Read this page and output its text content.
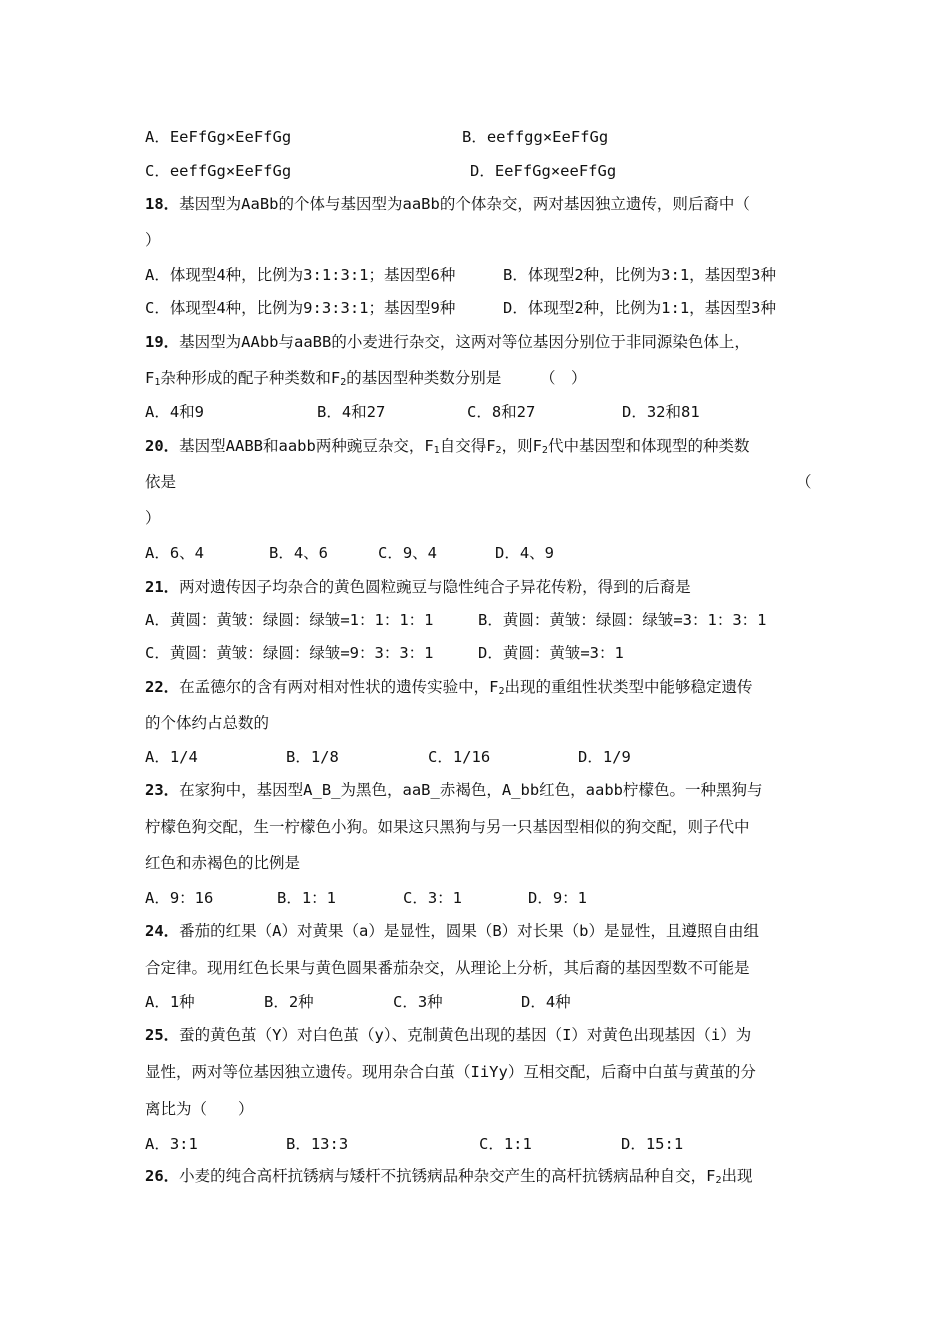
A．EeFfGg×EeFfGg	B．eeffgg×EeFfGg
C．eeffGg×EeFfGg	D．EeFfGg×eeFfGg
18．基因型为AaBb的个体与基因型为aaBb的个体杂交，两对基因独立遗传，则后裔中（
）
A．体现型4种，比例为3:1:3:1；基因型6种	B．体现型2种，比例为3:1，基因型3种
C．体现型4种，比例为9:3:3:1；基因型9种	D．体现型2种，比例为1:1，基因型3种
19．基因型为AAbb与aaBB的小麦进行杂交，这两对等位基因分别位于非同源染色体上，
$F_1$杂种形成的配子种类数和$F_2$的基因型种类数分别是　　　（　）
A．4和9	B．4和27	C．8和27	D．32和81
20．基因型AABB和aabb两种豌豆杂交，$F_1$自交得$F_2$，则$F_2$代中基因型和体现型的种类数
依是	（
）
A．6、4	B．4、6	C．9、4	D．4、9
21．两对遗传因子均杂合的黄色圆粒豌豆与隐性纯合子异花传粉，得到的后裔是
A．黄圆：黄皱：绿圆：绿皱=1：1：1：1	B．黄圆：黄皱：绿圆：绿皱=3：1：3：1
C．黄圆：黄皱：绿圆：绿皱=9：3：3：1	D．黄圆：黄皱=3：1
22．在孟德尔的含有两对相对性状的遗传实验中，$F_2$出现的重组性状类型中能够稳定遗传
的个体约占总数的
A．1/4	B．1/8	C．1/16	D．1/9
23．在家狗中，基因型A_B_为黑色，aaB_赤褐色，A_bb红色，aabb柠檬色。一种黑狗与
柠檬色狗交配，生一柠檬色小狗。如果这只黑狗与另一只基因型相似的狗交配，则子代中
红色和赤褐色的比例是
A．9：16	B．1：1	C．3：1	D．9：1
24．番茄的红果（A）对黄果（a）是显性，圆果（B）对长果（b）是显性，且遵照自由组
合定律。现用红色长果与黄色圆果番茄杂交，从理论上分析，其后裔的基因型数不可能是
A．1种	B．2种	C．3种	D．4种
25．蚕的黄色茧（Y）对白色茧（y）、克制黄色出现的基因（I）对黄色出现基因（i）为
显性，两对等位基因独立遗传。现用杂合白茧（IiYy）互相交配，后裔中白茧与黄茧的分
离比为（　　）
A．3:1	B．13:3	C．1:1	D．15:1
26．小麦的纯合高杆抗锈病与矮杆不抗锈病品种杂交产生的高杆抗锈病品种自交，$F_2$出现
